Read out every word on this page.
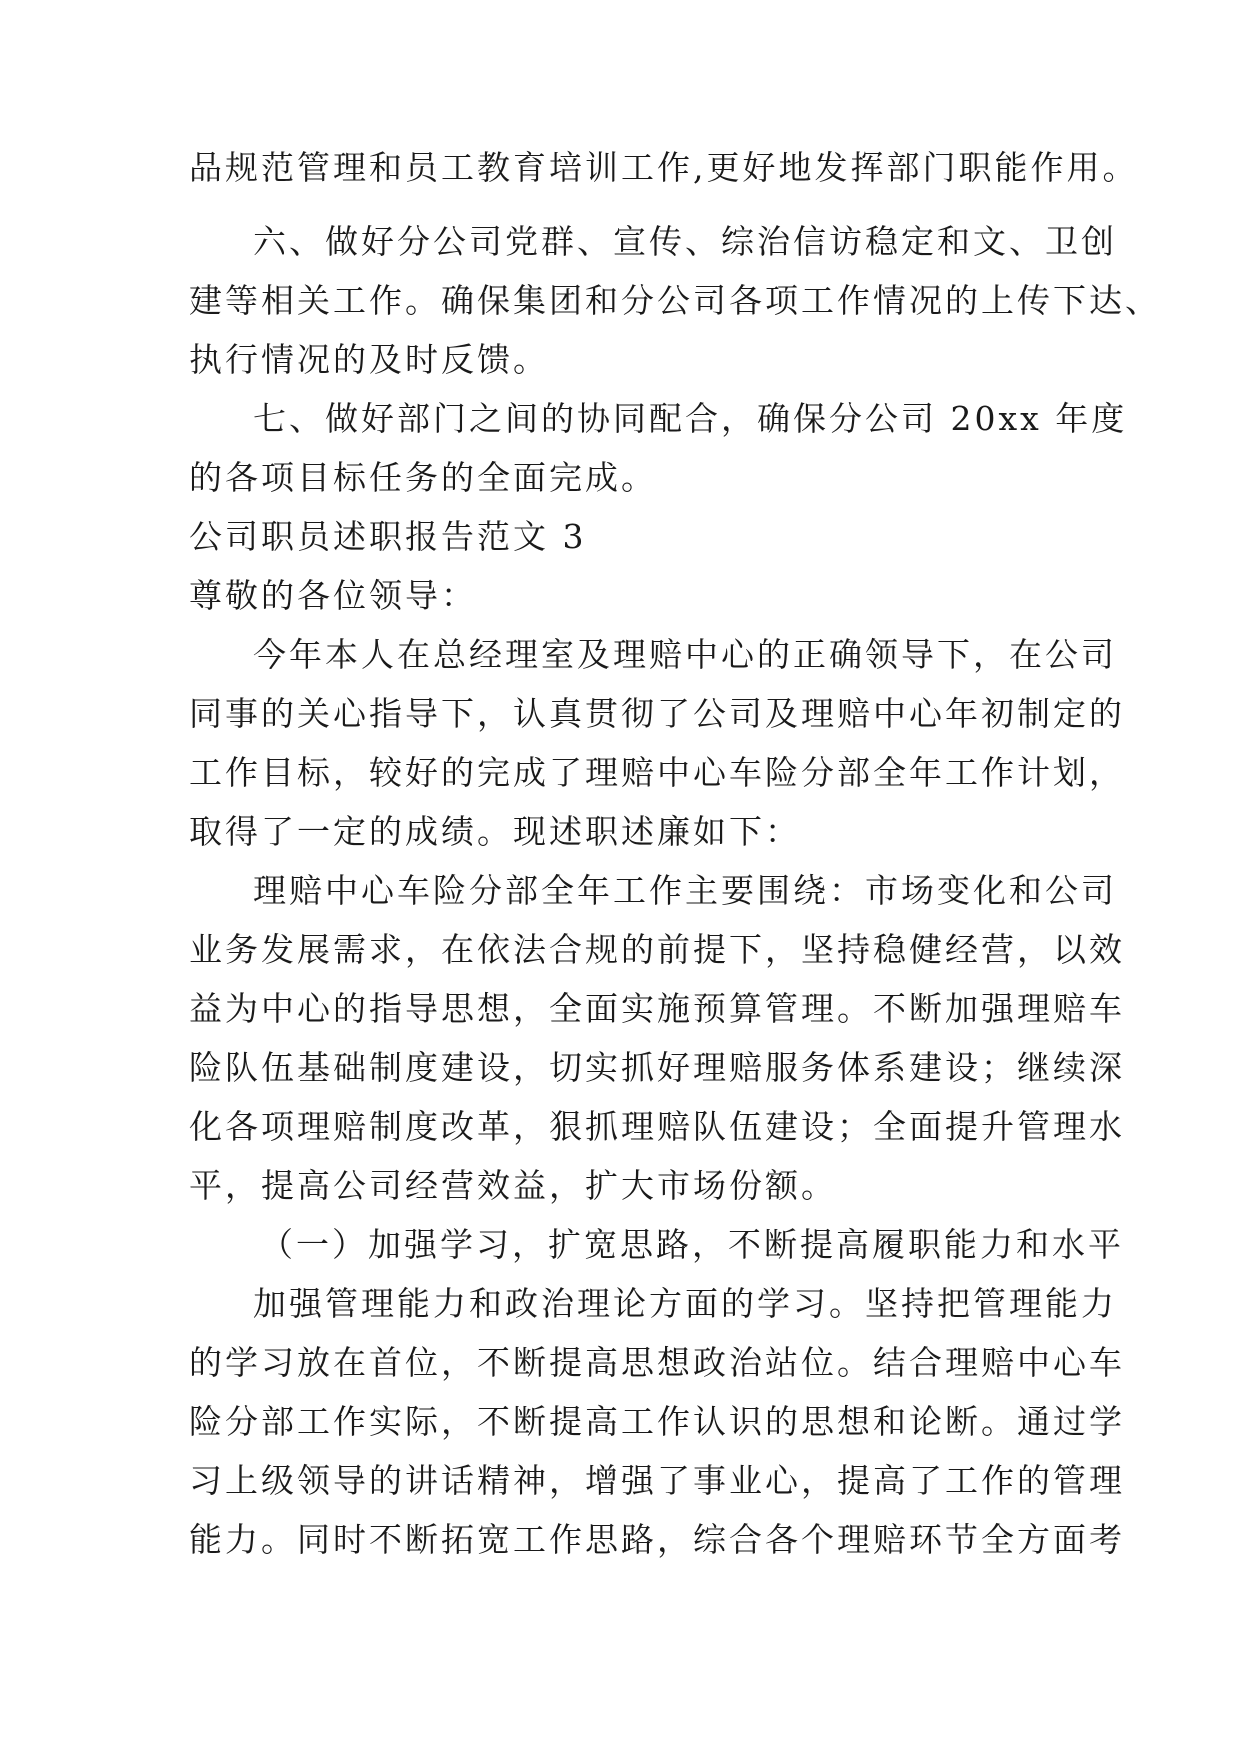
品规范管理和员工教育培训工作,更好地发挥部门职能作用。
六、做好分公司党群、宣传、综治信访稳定和文、卫创
建等相关工作。确保集团和分公司各项工作情况的上传下达、
执行情况的及时反馈。
七、做好部门之间的协同配合，确保分公司 20xx 年度
的各项目标任务的全面完成。
公司职员述职报告范文 3
尊敬的各位领导：
今年本人在总经理室及理赔中心的正确领导下，在公司
同事的关心指导下，认真贯彻了公司及理赔中心年初制定的
工作目标，较好的完成了理赔中心车险分部全年工作计划，
取得了一定的成绩。现述职述廉如下：
理赔中心车险分部全年工作主要围绕：市场变化和公司
业务发展需求，在依法合规的前提下，坚持稳健经营，以效
益为中心的指导思想，全面实施预算管理。不断加强理赔车
险队伍基础制度建设，切实抓好理赔服务体系建设；继续深
化各项理赔制度改革，狠抓理赔队伍建设；全面提升管理水
平，提高公司经营效益，扩大市场份额。
（一）加强学习，扩宽思路，不断提高履职能力和水平
加强管理能力和政治理论方面的学习。坚持把管理能力
的学习放在首位，不断提高思想政治站位。结合理赔中心车
险分部工作实际，不断提高工作认识的思想和论断。通过学
习上级领导的讲话精神，增强了事业心，提高了工作的管理
能力。同时不断拓宽工作思路，综合各个理赔环节全方面考
